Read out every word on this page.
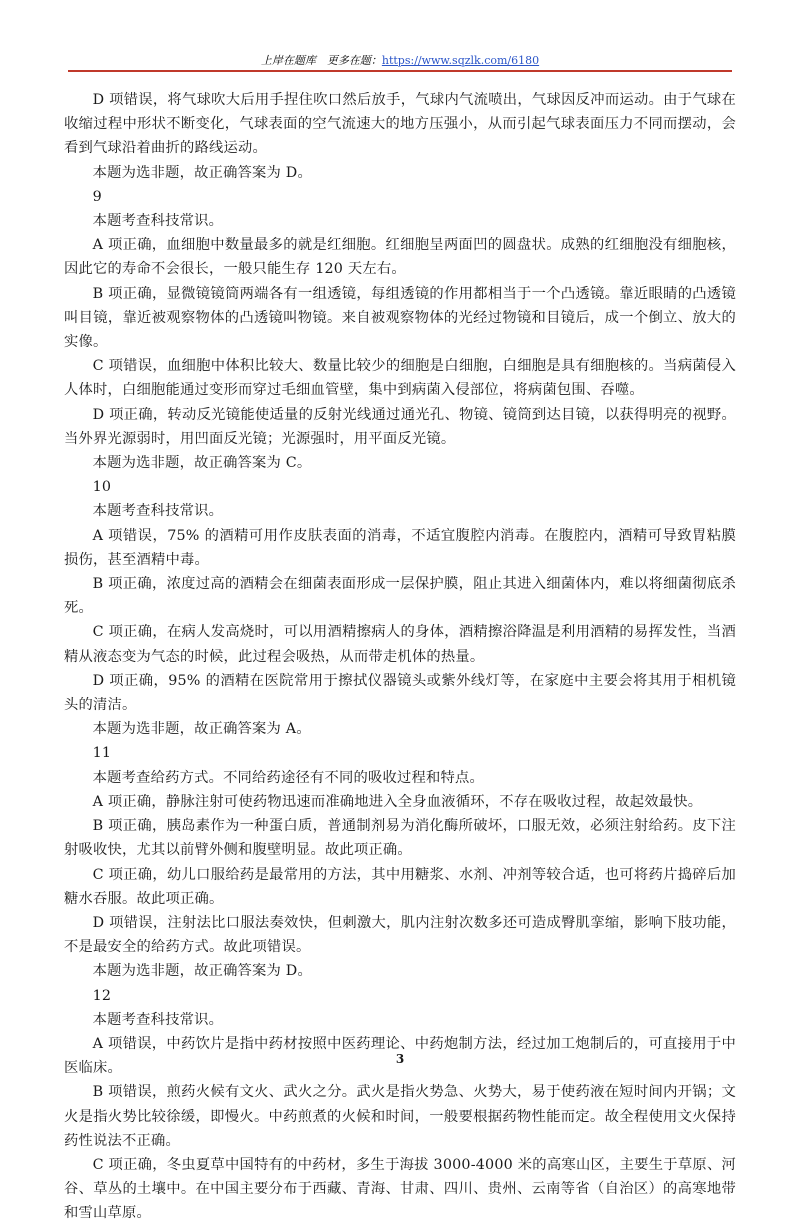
上岸在题库　更多在题：https://www.sqzlk.com/6180

D 项错误，将气球吹大后用手捏住吹口然后放手，气球内气流喷出，气球因反冲而运动。由于气球在收缩过程中形状不断变化，气球表面的空气流速大的地方压强小，从而引起气球表面压力不同而摆动，会看到气球沿着曲折的路线运动。

本题为选非题，故正确答案为 D。

9

本题考查科技常识。

A 项正确，血细胞中数量最多的就是红细胞。红细胞呈两面凹的圆盘状。成熟的红细胞没有细胞核，因此它的寿命不会很长，一般只能生存 120 天左右。

B 项正确，显微镜镜筒两端各有一组透镜，每组透镜的作用都相当于一个凸透镜。靠近眼睛的凸透镜叫目镜，靠近被观察物体的凸透镜叫物镜。来自被观察物体的光经过物镜和目镜后，成一个倒立、放大的实像。

C 项错误，血细胞中体积比较大、数量比较少的细胞是白细胞，白细胞是具有细胞核的。当病菌侵入人体时，白细胞能通过变形而穿过毛细血管壁，集中到病菌入侵部位，将病菌包围、吞噬。

D 项正确，转动反光镜能使适量的反射光线通过通光孔、物镜、镜筒到达目镜，以获得明亮的视野。当外界光源弱时，用凹面反光镜；光源强时，用平面反光镜。

本题为选非题，故正确答案为 C。

10

本题考查科技常识。

A 项错误，75% 的酒精可用作皮肤表面的消毒，不适宜腹腔内消毒。在腹腔内，酒精可导致胃粘膜损伤，甚至酒精中毒。

B 项正确，浓度过高的酒精会在细菌表面形成一层保护膜，阻止其进入细菌体内，难以将细菌彻底杀死。

C 项正确，在病人发高烧时，可以用酒精擦病人的身体，酒精擦浴降温是利用酒精的易挥发性，当酒精从液态变为气态的时候，此过程会吸热，从而带走机体的热量。

D 项正确，95% 的酒精在医院常用于擦拭仪器镜头或紫外线灯等，在家庭中主要会将其用于相机镜头的清洁。

本题为选非题，故正确答案为 A。

11

本题考查给药方式。不同给药途径有不同的吸收过程和特点。

A 项正确，静脉注射可使药物迅速而准确地进入全身血液循环，不存在吸收过程，故起效最快。

B 项正确，胰岛素作为一种蛋白质，普通制剂易为消化酶所破坏，口服无效，必须注射给药。皮下注射吸收快，尤其以前臂外侧和腹壁明显。故此项正确。

C 项正确，幼儿口服给药是最常用的方法，其中用糖浆、水剂、冲剂等较合适，也可将药片捣碎后加糖水吞服。故此项正确。

D 项错误，注射法比口服法奏效快，但刺激大，肌内注射次数多还可造成臀肌挛缩，影响下肢功能，不是最安全的给药方式。故此项错误。

本题为选非题，故正确答案为 D。

12

本题考查科技常识。

A 项错误，中药饮片是指中药材按照中医药理论、中药炮制方法，经过加工炮制后的，可直接用于中医临床。

B 项错误，煎药火候有文火、武火之分。武火是指火势急、火势大，易于使药液在短时间内开锅；文火是指火势比较徐缓，即慢火。中药煎煮的火候和时间，一般要根据药物性能而定。故全程使用文火保持药性说法不正确。

C 项正确，冬虫夏草中国特有的中药材，多生于海拔 3000-4000 米的高寒山区，主要生于草原、河谷、草丛的土壤中。在中国主要分布于西藏、青海、甘肃、四川、贵州、云南等省（自治区）的高寒地带和雪山草原。

3
